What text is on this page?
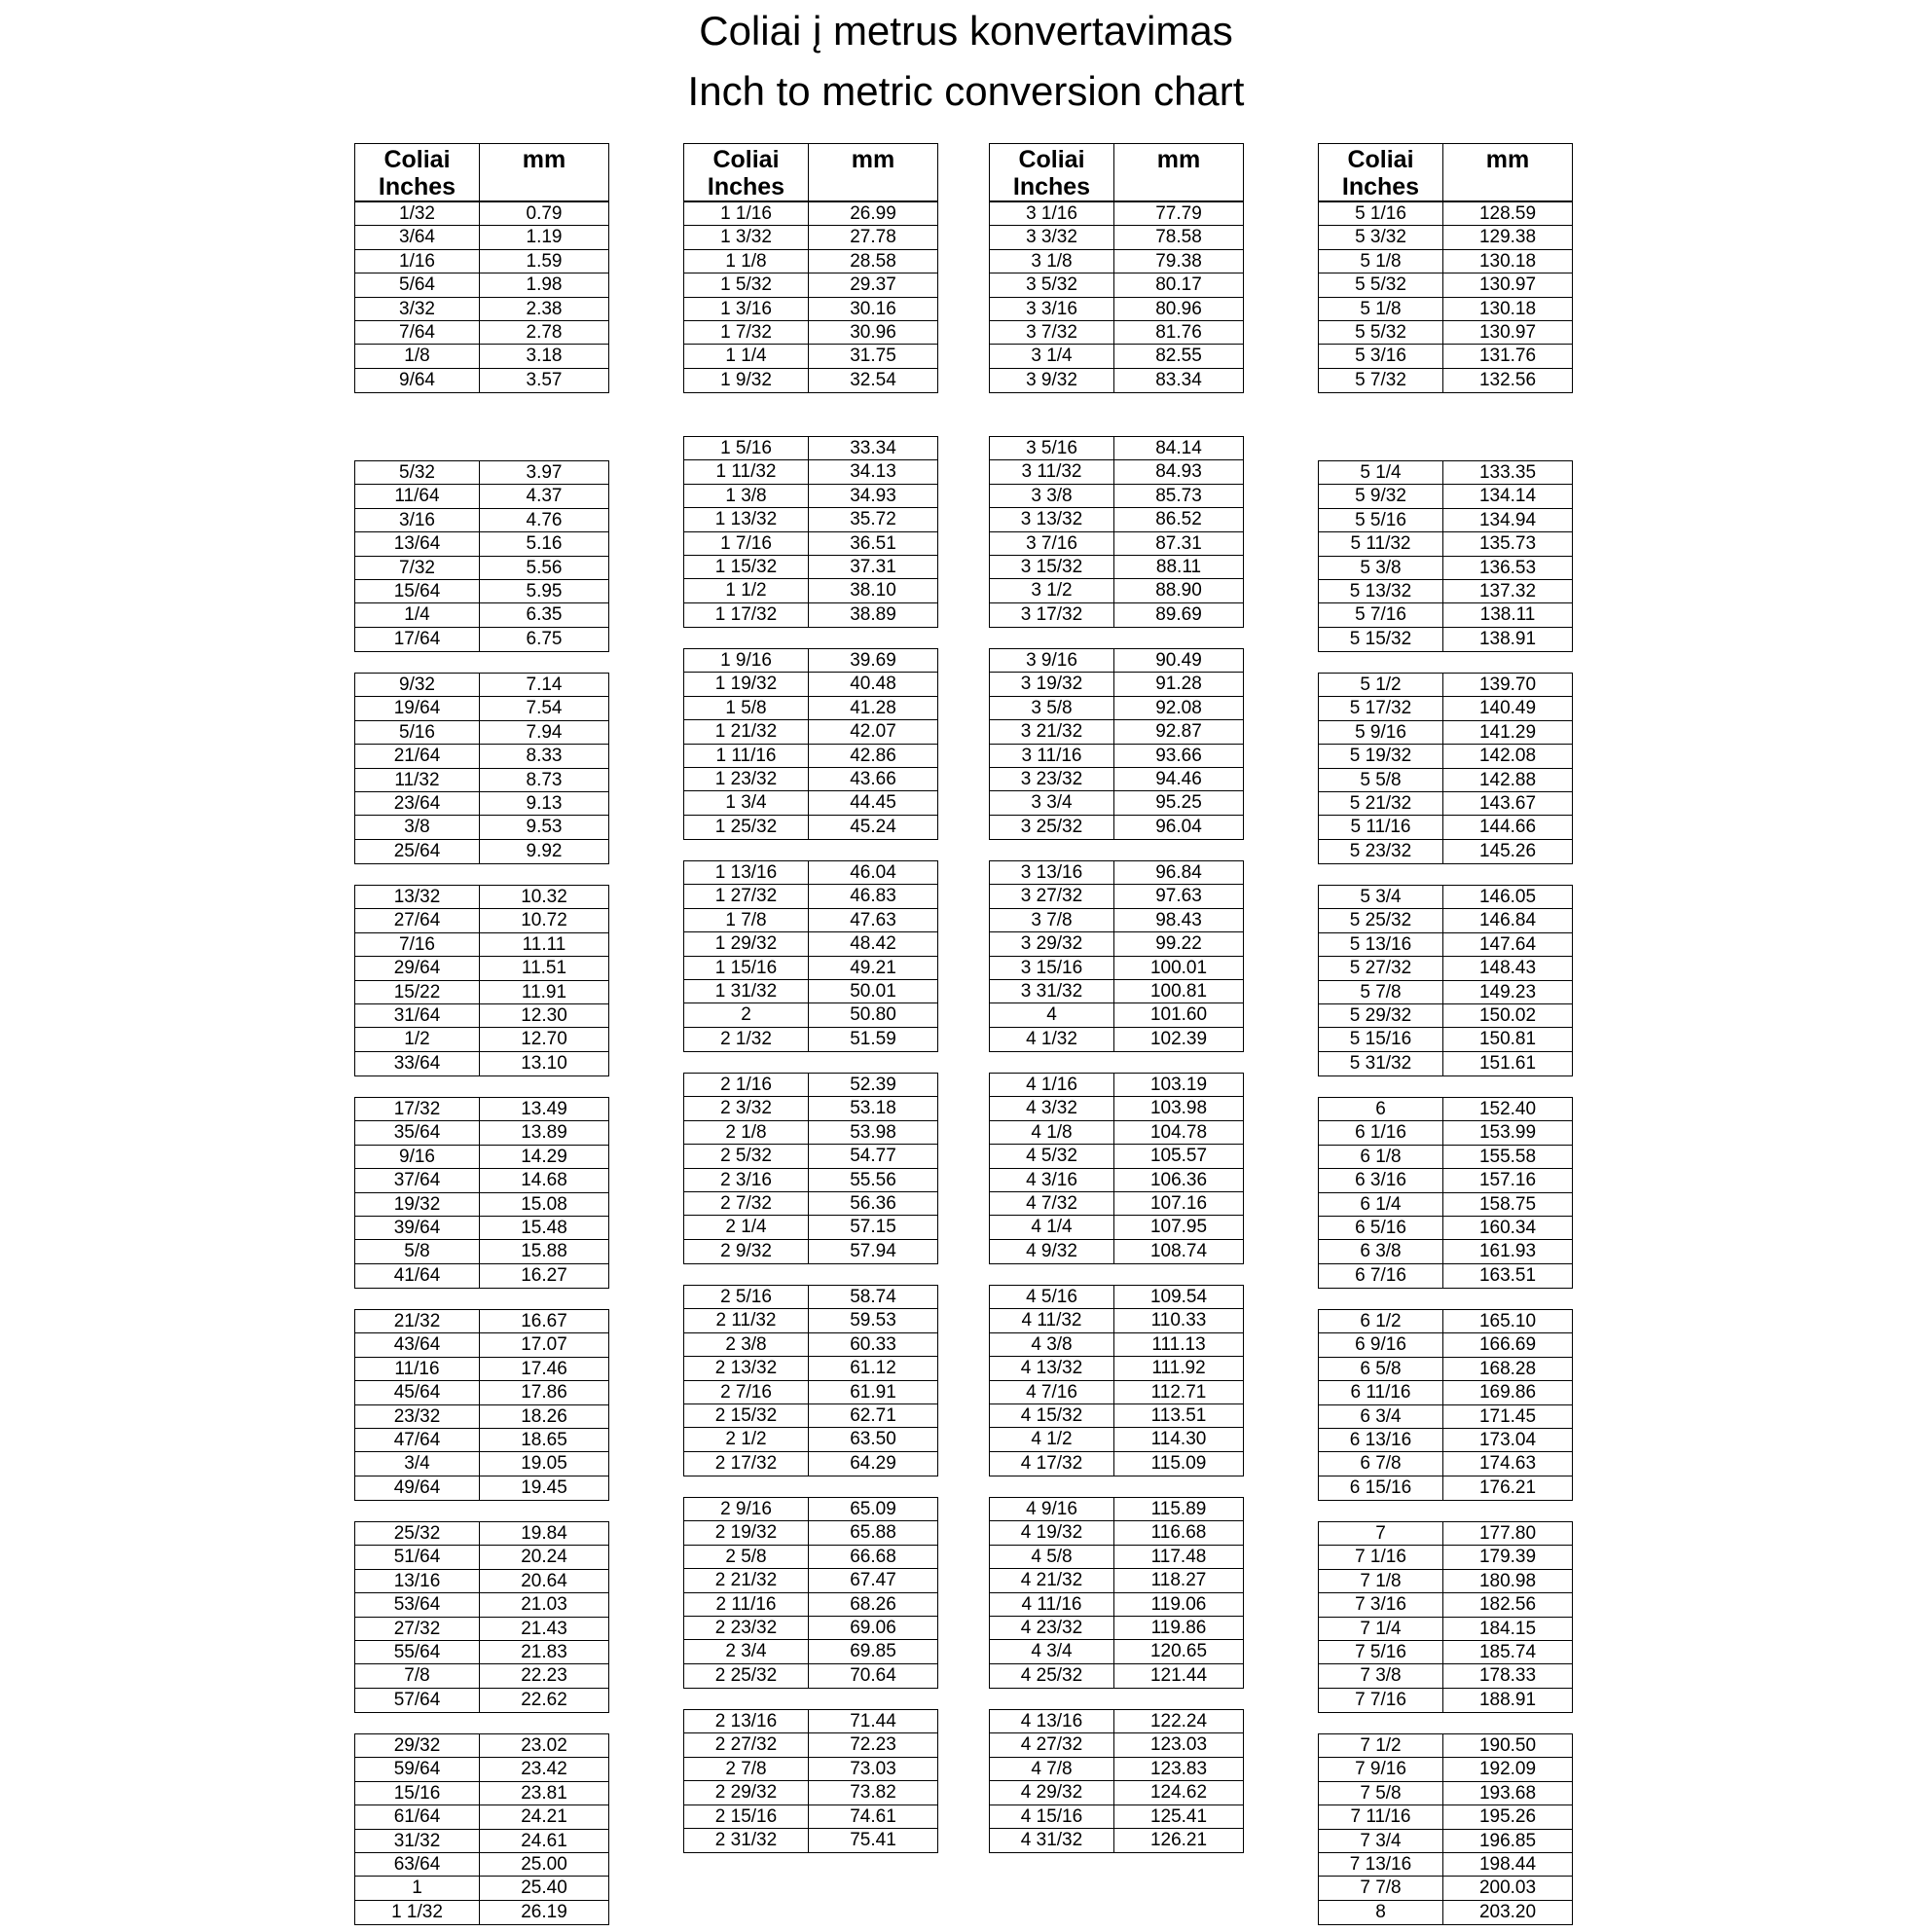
Coliai į metrus konvertavimas
Inch to metric conversion chart
Coliai Inches
mm
1/32	0.79
3/64	1.19
1/16	1.59
5/64	1.98
3/32	2.38
7/64	2.78
1/8	3.18
9/64	3.57
5/32	3.97
11/64	4.37
3/16	4.76
13/64	5.16
7/32	5.56
15/64	5.95
1/4	6.35
17/64	6.75
9/32	7.14
19/64	7.54
5/16	7.94
21/64	8.33
11/32	8.73
23/64	9.13
3/8	9.53
25/64	9.92
13/32	10.32
27/64	10.72
7/16	11.11
29/64	11.51
15/22	11.91
31/64	12.30
1/2	12.70
33/64	13.10
17/32	13.49
35/64	13.89
9/16	14.29
37/64	14.68
19/32	15.08
39/64	15.48
5/8	15.88
41/64	16.27
21/32	16.67
43/64	17.07
11/16	17.46
45/64	17.86
23/32	18.26
47/64	18.65
3/4	19.05
49/64	19.45
25/32	19.84
51/64	20.24
13/16	20.64
53/64	21.03
27/32	21.43
55/64	21.83
7/8	22.23
57/64	22.62
29/32	23.02
59/64	23.42
15/16	23.81
61/64	24.21
31/32	24.61
63/64	25.00
1	25.40
1 1/32	26.19
Coliai Inches
mm
1 1/16	26.99
1 3/32	27.78
1 1/8	28.58
1 5/32	29.37
1 3/16	30.16
1 7/32	30.96
1 1/4	31.75
1 9/32	32.54
1 5/16	33.34
1 11/32	34.13
1 3/8	34.93
1 13/32	35.72
1 7/16	36.51
1 15/32	37.31
1 1/2	38.10
1 17/32	38.89
1 9/16	39.69
1 19/32	40.48
1 5/8	41.28
1 21/32	42.07
1 11/16	42.86
1 23/32	43.66
1 3/4	44.45
1 25/32	45.24
1 13/16	46.04
1 27/32	46.83
1 7/8	47.63
1 29/32	48.42
1 15/16	49.21
1 31/32	50.01
2	50.80
2 1/32	51.59
2 1/16	52.39
2 3/32	53.18
2 1/8	53.98
2 5/32	54.77
2 3/16	55.56
2 7/32	56.36
2 1/4	57.15
2 9/32	57.94
2 5/16	58.74
2 11/32	59.53
2 3/8	60.33
2 13/32	61.12
2 7/16	61.91
2 15/32	62.71
2 1/2	63.50
2 17/32	64.29
2 9/16	65.09
2 19/32	65.88
2 5/8	66.68
2 21/32	67.47
2 11/16	68.26
2 23/32	69.06
2 3/4	69.85
2 25/32	70.64
2 13/16	71.44
2 27/32	72.23
2 7/8	73.03
2 29/32	73.82
2 15/16	74.61
2 31/32	75.41
Coliai Inches
mm
3 1/16	77.79
3 3/32	78.58
3 1/8	79.38
3 5/32	80.17
3 3/16	80.96
3 7/32	81.76
3 1/4	82.55
3 9/32	83.34
3 5/16	84.14
3 11/32	84.93
3 3/8	85.73
3 13/32	86.52
3 7/16	87.31
3 15/32	88.11
3 1/2	88.90
3 17/32	89.69
3 9/16	90.49
3 19/32	91.28
3 5/8	92.08
3 21/32	92.87
3 11/16	93.66
3 23/32	94.46
3 3/4	95.25
3 25/32	96.04
3 13/16	96.84
3 27/32	97.63
3 7/8	98.43
3 29/32	99.22
3 15/16	100.01
3 31/32	100.81
4	101.60
4 1/32	102.39
4 1/16	103.19
4 3/32	103.98
4 1/8	104.78
4 5/32	105.57
4 3/16	106.36
4 7/32	107.16
4 1/4	107.95
4 9/32	108.74
4 5/16	109.54
4 11/32	110.33
4 3/8	111.13
4 13/32	111.92
4 7/16	112.71
4 15/32	113.51
4 1/2	114.30
4 17/32	115.09
4 9/16	115.89
4 19/32	116.68
4 5/8	117.48
4 21/32	118.27
4 11/16	119.06
4 23/32	119.86
4 3/4	120.65
4 25/32	121.44
4 13/16	122.24
4 27/32	123.03
4 7/8	123.83
4 29/32	124.62
4 15/16	125.41
4 31/32	126.21
Coliai Inches
mm
5 1/16	128.59
5 3/32	129.38
5 1/8	130.18
5 5/32	130.97
5 1/8	130.18
5 5/32	130.97
5 3/16	131.76
5 7/32	132.56
5 1/4	133.35
5 9/32	134.14
5 5/16	134.94
5 11/32	135.73
5 3/8	136.53
5 13/32	137.32
5 7/16	138.11
5 15/32	138.91
5 1/2	139.70
5 17/32	140.49
5 9/16	141.29
5 19/32	142.08
5 5/8	142.88
5 21/32	143.67
5 11/16	144.66
5 23/32	145.26
5 3/4	146.05
5 25/32	146.84
5 13/16	147.64
5 27/32	148.43
5 7/8	149.23
5 29/32	150.02
5 15/16	150.81
5 31/32	151.61
6	152.40
6 1/16	153.99
6 1/8	155.58
6 3/16	157.16
6 1/4	158.75
6 5/16	160.34
6 3/8	161.93
6 7/16	163.51
6 1/2	165.10
6 9/16	166.69
6 5/8	168.28
6 11/16	169.86
6 3/4	171.45
6 13/16	173.04
6 7/8	174.63
6 15/16	176.21
7	177.80
7 1/16	179.39
7 1/8	180.98
7 3/16	182.56
7 1/4	184.15
7 5/16	185.74
7 3/8	178.33
7 7/16	188.91
7 1/2	190.50
7 9/16	192.09
7 5/8	193.68
7 11/16	195.26
7 3/4	196.85
7 13/16	198.44
7 7/8	200.03
8	203.20
